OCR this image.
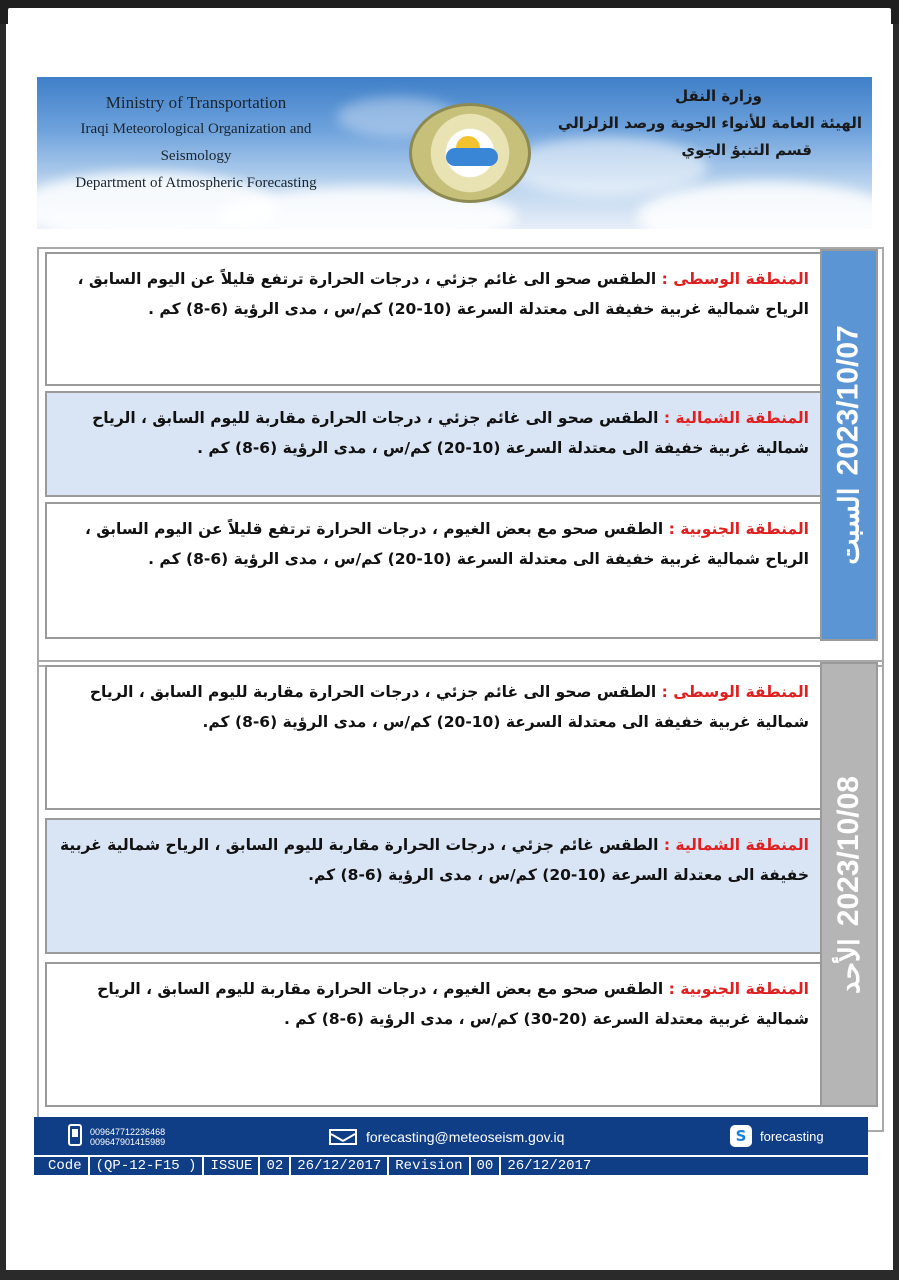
Ministry of Transportation
Iraqi Meteorological Organization and Seismology
Department of Atmospheric Forecasting
وزارة النقل
الهيئة العامة للأنواء الجوية ورصد الزلزالي
قسم التنبؤ الجوي
المنطقة الوسطى : الطقس صحو الى غائم جزئي ، درجات الحرارة ترتفع قليلاً عن اليوم السابق ، الرياح شمالية غربية خفيفة الى معتدلة السرعة (10-20) كم/س ، مدى الرؤية (6-8) كم .
المنطقة الشمالية : الطقس صحو الى غائم جزئي ، درجات الحرارة مقاربة لليوم السابق ، الرياح شمالية غربية خفيفة الى معتدلة السرعة (10-20) كم/س ، مدى الرؤية (6-8) كم .
المنطقة الجنوبية : الطقس صحو مع بعض الغيوم ، درجات الحرارة ترتفع قليلاً عن اليوم السابق ، الرياح شمالية غربية خفيفة الى معتدلة السرعة (10-20) كم/س ، مدى الرؤية (6-8) كم .
2023/10/07
السبت
المنطقة الوسطى : الطقس صحو الى غائم جزئي ، درجات الحرارة مقاربة لليوم السابق ، الرياح شمالية غربية خفيفة الى معتدلة السرعة (10-20) كم/س ، مدى الرؤية (6-8) كم.
المنطقة الشمالية : الطقس غائم جزئي ، درجات الحرارة مقاربة لليوم السابق ، الرياح شمالية غربية خفيفة الى معتدلة السرعة (10-20) كم/س ، مدى الرؤية (6-8) كم.
المنطقة الجنوبية : الطقس صحو مع بعض الغيوم ، درجات الحرارة مقاربة لليوم السابق ، الرياح شمالية غربية معتدلة السرعة (20-30) كم/س ، مدى الرؤية (6-8) كم .
2023/10/08
الأحد
009647712236468
009647901415989	forecasting@meteoseism.gov.iq	S	forecasting
Code	(QP-12-F15 )	ISSUE	02	26/12/2017	Revision	00	26/12/2017
